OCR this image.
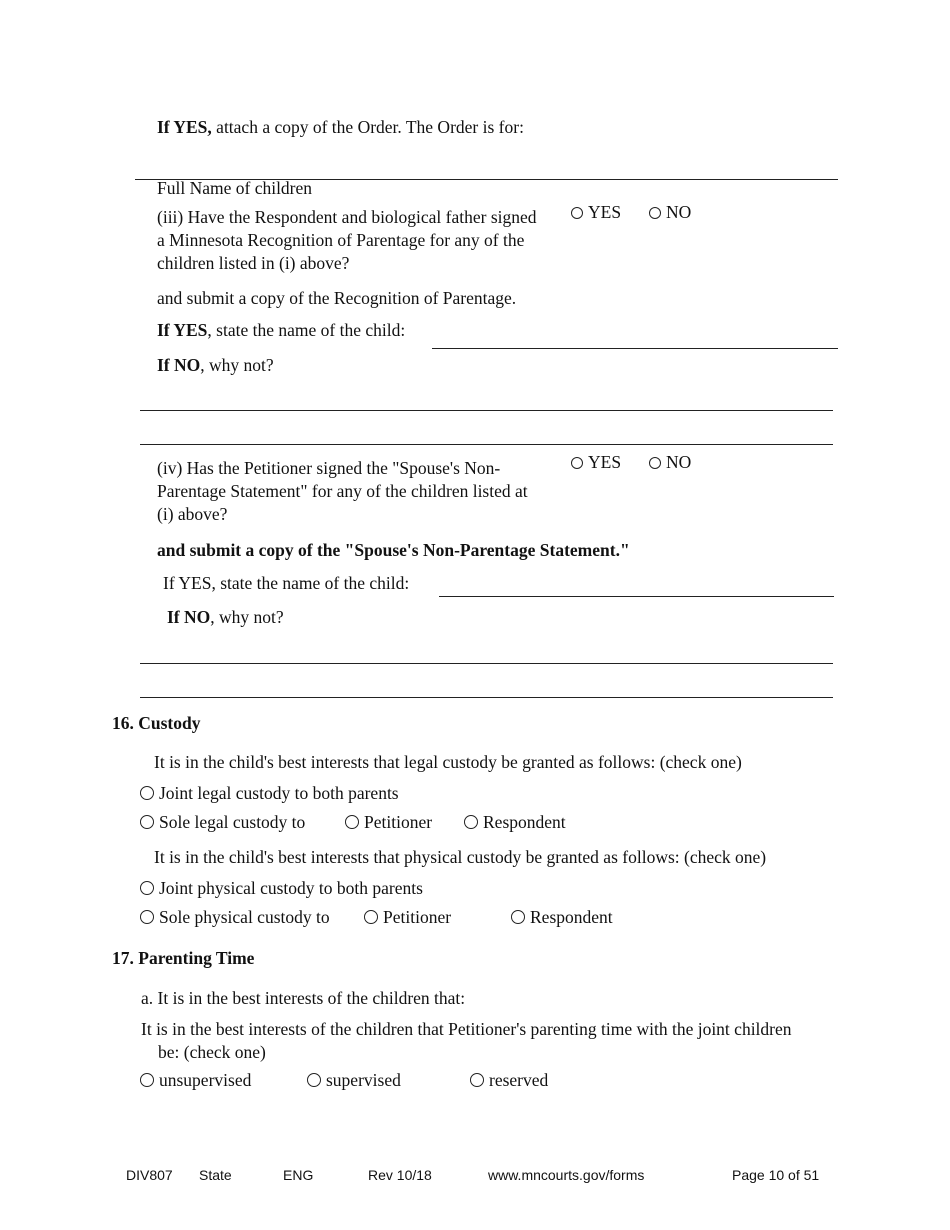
If YES, attach a copy of the Order. The Order is for:
Full Name of children
(iii) Have the Respondent and biological father signed
a Minnesota Recognition of Parentage for any of the
children listed in (i) above?
YES	NO
and submit a copy of the Recognition of Parentage.
If YES, state the name of the child:
If NO, why not?
(iv) Has the Petitioner signed the "Spouse's Non-
Parentage Statement" for any of the children listed at
(i) above?
YES	NO
and submit a copy of the "Spouse's Non-Parentage Statement."
If YES, state the name of the child:
If NO, why not?
16. Custody
It is in the child's best interests that legal custody be granted as follows: (check one)
Joint legal custody to both parents
Sole legal custody to	Petitioner	Respondent
It is in the child's best interests that physical custody be granted as follows: (check one)
Joint physical custody to both parents
Sole physical custody to	Petitioner	Respondent
17. Parenting Time
a. It is in the best interests of the children that:
It is in the best interests of the children that Petitioner's parenting time with the joint children
be: (check one)
unsupervised	supervised	reserved
DIV807 State	ENG	Rev 10/18	www.mncourts.gov/forms	Page 10 of 51
